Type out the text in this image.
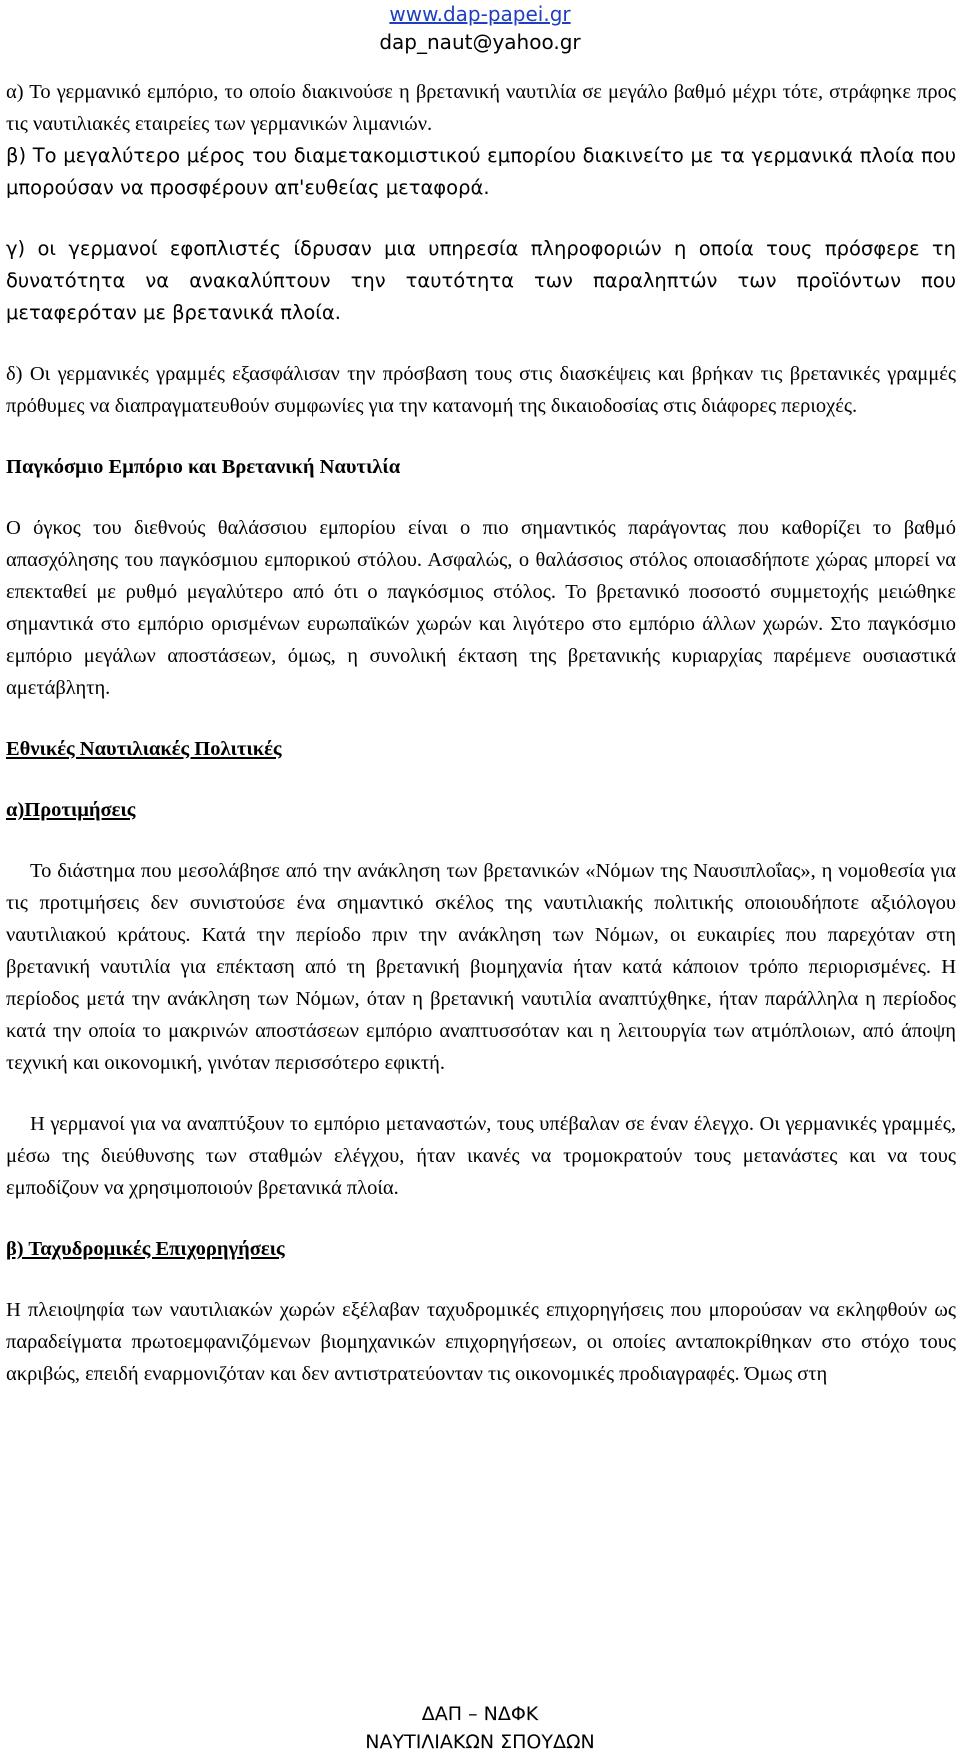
www.dap-papei.gr
dap_naut@yahoo.gr

α) Το γερμανικό εμπόριο, το οποίο διακινούσε η βρετανική ναυτιλία σε μεγάλο βαθμό μέχρι τότε, στράφηκε προς τις ναυτιλιακές εταιρείες των γερμανικών λιμανιών.

β) Το μεγαλύτερο μέρος του διαμετακομιστικού εμπορίου διακινείτο με τα γερμανικά πλοία που μπορούσαν να προσφέρουν απ'ευθείας μεταφορά.

γ) οι γερμανοί εφοπλιστές ίδρυσαν μια υπηρεσία πληροφοριών η οποία τους πρόσφερε τη δυνατότητα να ανακαλύπτουν την ταυτότητα των παραληπτών των προϊόντων που μεταφερόταν με βρετανικά πλοία.

δ) Οι γερμανικές γραμμές εξασφάλισαν την πρόσβαση τους στις διασκέψεις και βρήκαν τις βρετανικές γραμμές πρόθυμες να διαπραγματευθούν συμφωνίες για την κατανομή της δικαιοδοσίας στις διάφορες περιοχές.

Παγκόσμιο Εμπόριο και Βρετανική Ναυτιλία

Ο όγκος του διεθνούς θαλάσσιου εμπορίου είναι ο πιο σημαντικός παράγοντας που καθορίζει το βαθμό απασχόλησης του παγκόσμιου εμπορικού στόλου. Ασφαλώς, ο θαλάσσιος στόλος οποιασδήποτε χώρας μπορεί να επεκταθεί με ρυθμό μεγαλύτερο από ότι ο παγκόσμιος στόλος. Το βρετανικό ποσοστό συμμετοχής μειώθηκε σημαντικά στο εμπόριο ορισμένων ευρωπαϊκών χωρών και λιγότερο στο εμπόριο άλλων χωρών. Στο παγκόσμιο εμπόριο μεγάλων αποστάσεων, όμως, η συνολική έκταση της βρετανικής κυριαρχίας παρέμενε ουσιαστικά αμετάβλητη.

Εθνικές Ναυτιλιακές Πολιτικές

α)Προτιμήσεις

Το διάστημα που μεσολάβησε από την ανάκληση των βρετανικών «Νόμων της Ναυσιπλοΐας», η νομοθεσία για τις προτιμήσεις δεν συνιστούσε ένα σημαντικό σκέλος της ναυτιλιακής πολιτικής οποιουδήποτε αξιόλογου ναυτιλιακού κράτους. Κατά την περίοδο πριν την ανάκληση των Νόμων, οι ευκαιρίες που παρεχόταν στη βρετανική ναυτιλία για επέκταση από τη βρετανική βιομηχανία ήταν κατά κάποιον τρόπο περιορισμένες. Η περίοδος μετά την ανάκληση των Νόμων, όταν η βρετανική ναυτιλία αναπτύχθηκε, ήταν παράλληλα η περίοδος κατά την οποία το μακρινών αποστάσεων εμπόριο αναπτυσσόταν και η λειτουργία των ατμόπλοιων, από άποψη τεχνική και οικονομική, γινόταν περισσότερο εφικτή.

Η γερμανοί για να αναπτύξουν το εμπόριο μεταναστών, τους υπέβαλαν σε έναν έλεγχο. Οι γερμανικές γραμμές, μέσω της διεύθυνσης των σταθμών ελέγχου, ήταν ικανές να τρομοκρατούν τους μετανάστες και να τους εμποδίζουν να χρησιμοποιούν βρετανικά πλοία.

β) Ταχυδρομικές Επιχορηγήσεις

Η πλειοψηφία των ναυτιλιακών χωρών εξέλαβαν ταχυδρομικές επιχορηγήσεις που μπορούσαν να εκληφθούν ως παραδείγματα πρωτοεμφανιζόμενων βιομηχανικών επιχορηγήσεων, οι οποίες ανταποκρίθηκαν στο στόχο τους ακριβώς, επειδή εναρμονιζόταν και δεν αντιστρατεύονταν τις οικονομικές προδιαγραφές. Όμως στη

ΔΑΠ – ΝΔΦΚ
ΝΑΥΤΙΛΙΑΚΩΝ ΣΠΟΥΔΩΝ
